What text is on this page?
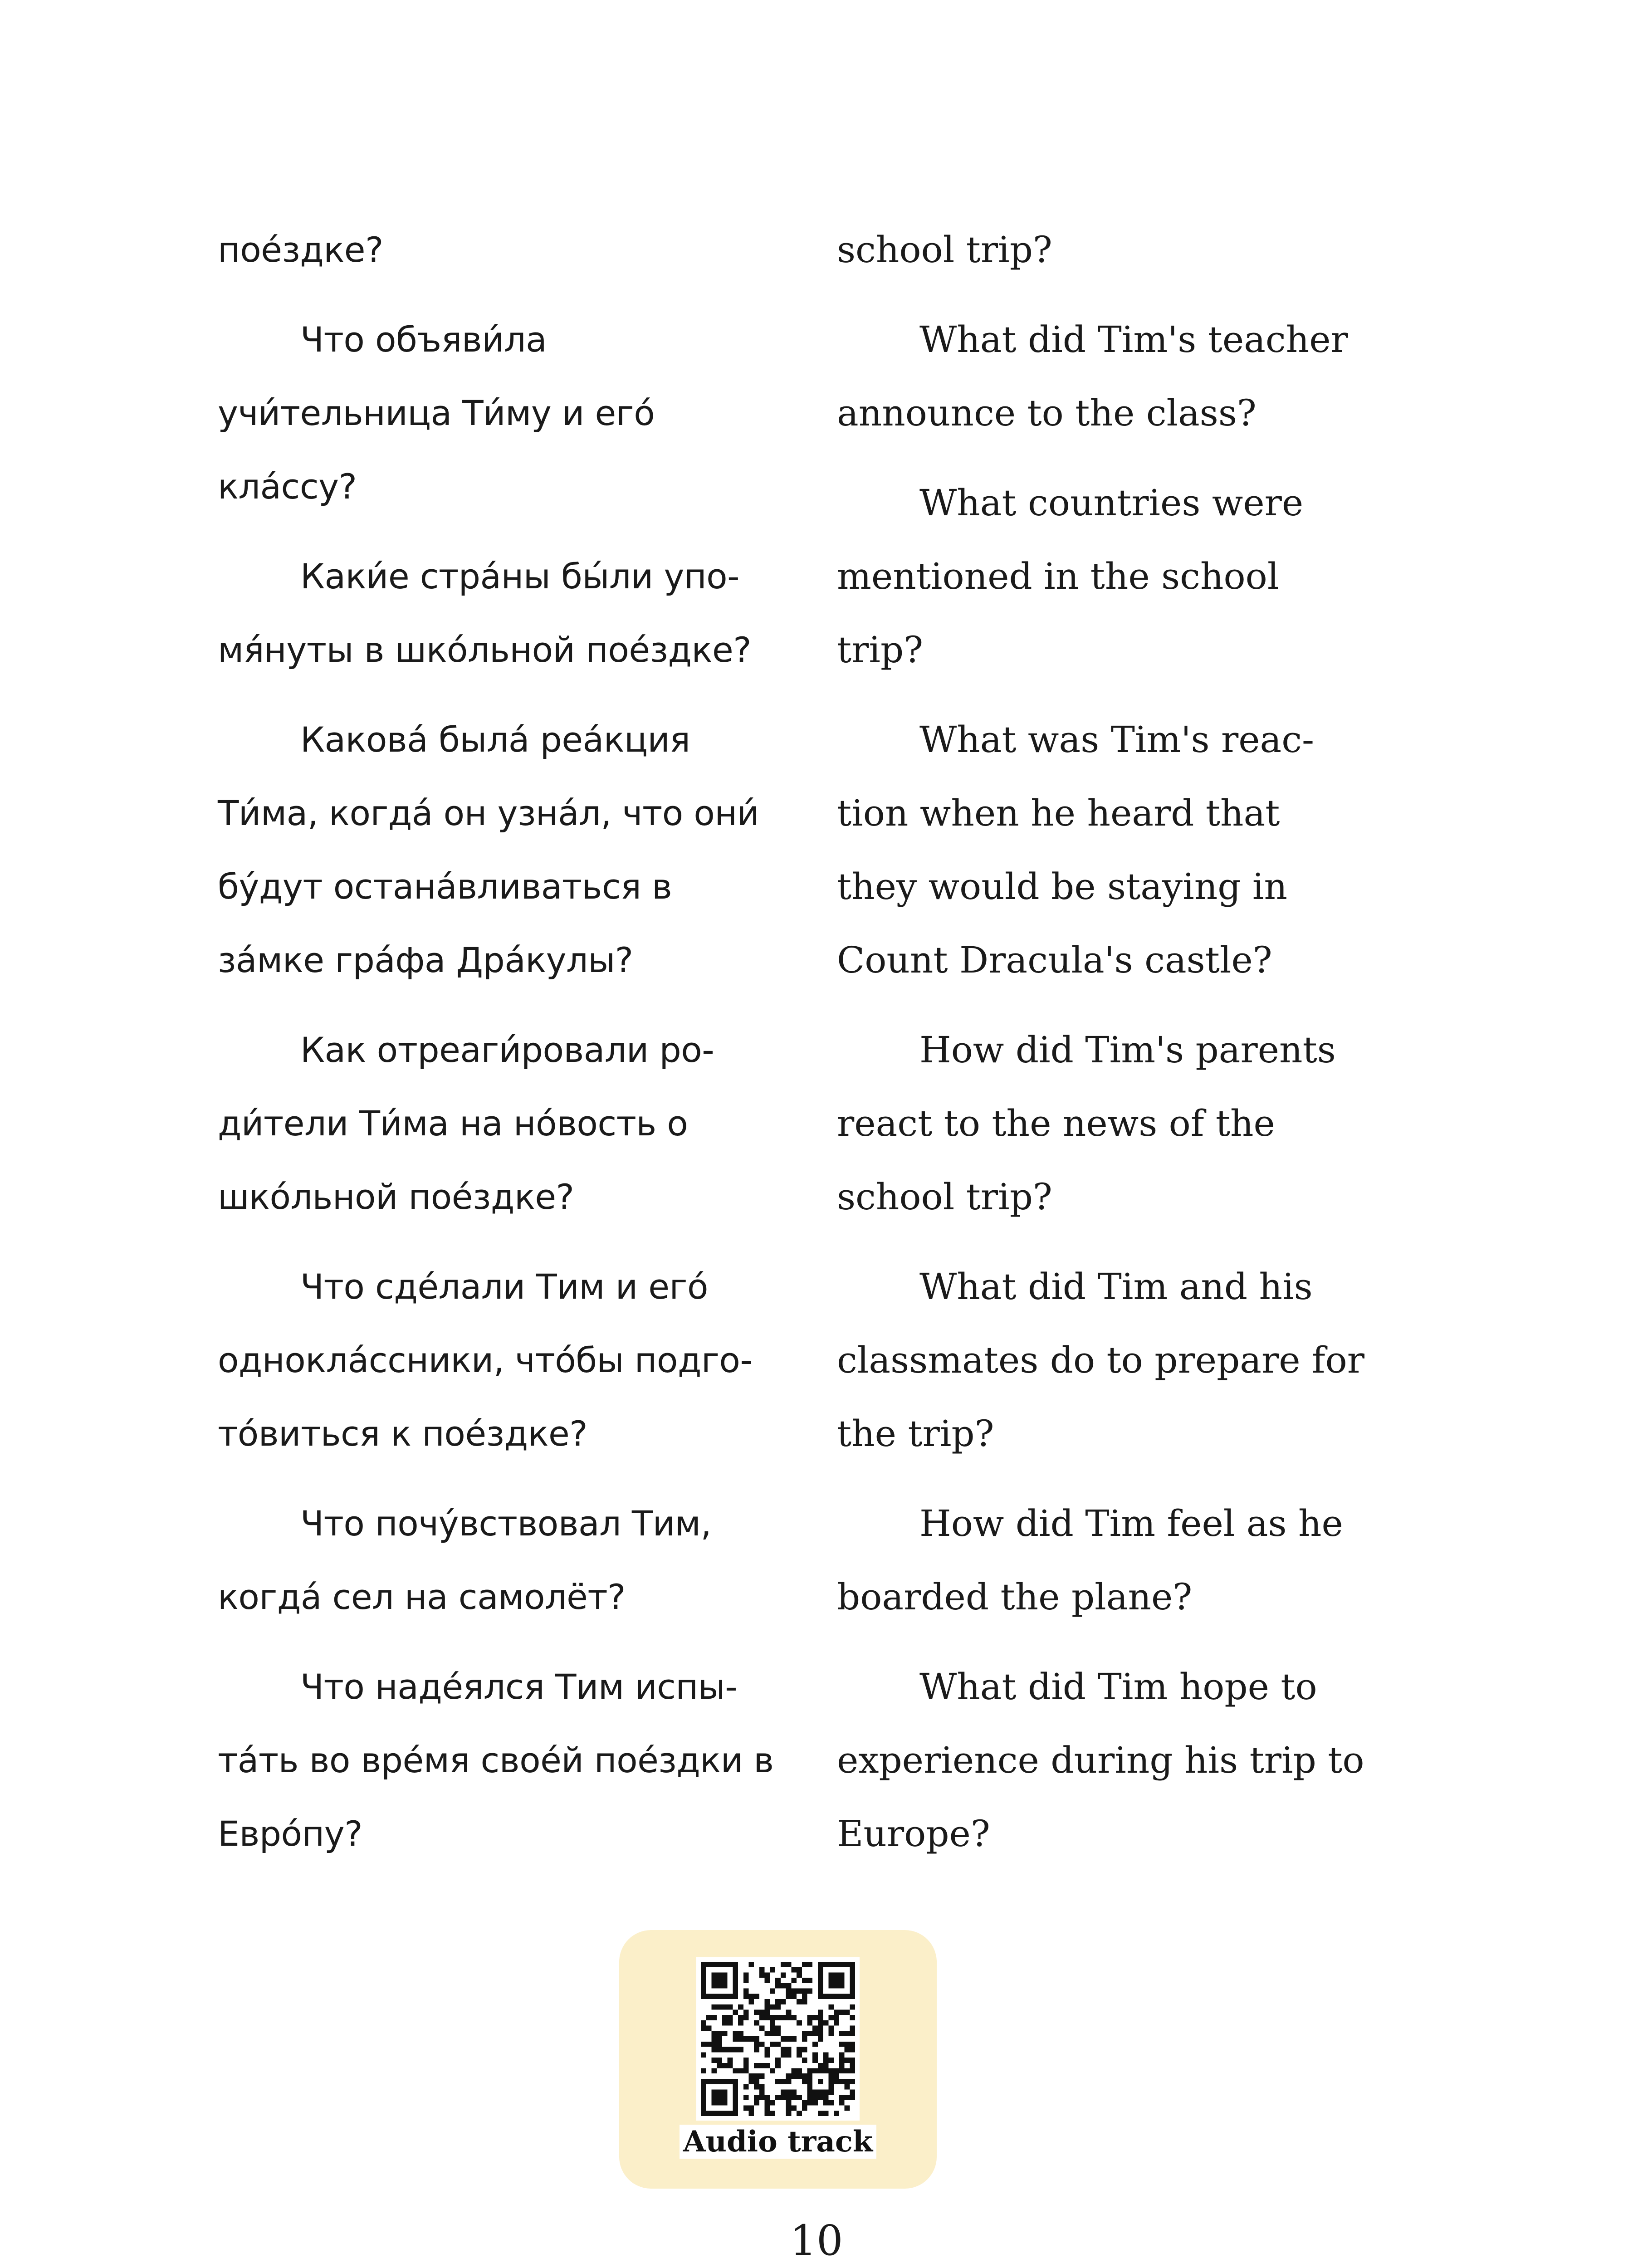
поéздке?
Что объяви́ла
учи́тельница Ти́му и егó
клáссу?
Каки́е стрáны бы́ли упо-
мя́нуты в шкóльной поéздке?
Каковá былá реáкция
Ти́ма, когдá он узнáл, что они́
бу́дут останáвливаться в
зáмке грáфа Дрáкулы?
Как отреаги́ровали ро-
ди́тели Ти́ма на нóвость о
шкóльной поéздке?
Что сдéлали Тим и егó
одноклáссники, чтóбы подго-
тóвиться к поéздке?
Что почу́вствовал Тим,
когдá сел на самолёт?
Что надéялся Тим испы-
тáть во врéмя своéй поéздки в
Еврóпу?
school trip?
What did Tim's teacher
announce to the class?
What countries were
mentioned in the school
trip?
What was Tim's reac-
tion when he heard that
they would be staying in
Count Dracula's castle?
How did Tim's parents
react to the news of the
school trip?
What did Tim and his
classmates do to prepare for
the trip?
How did Tim feel as he
boarded the plane?
What did Tim hope to
experience during his trip to
Europe?
Audio track
10
